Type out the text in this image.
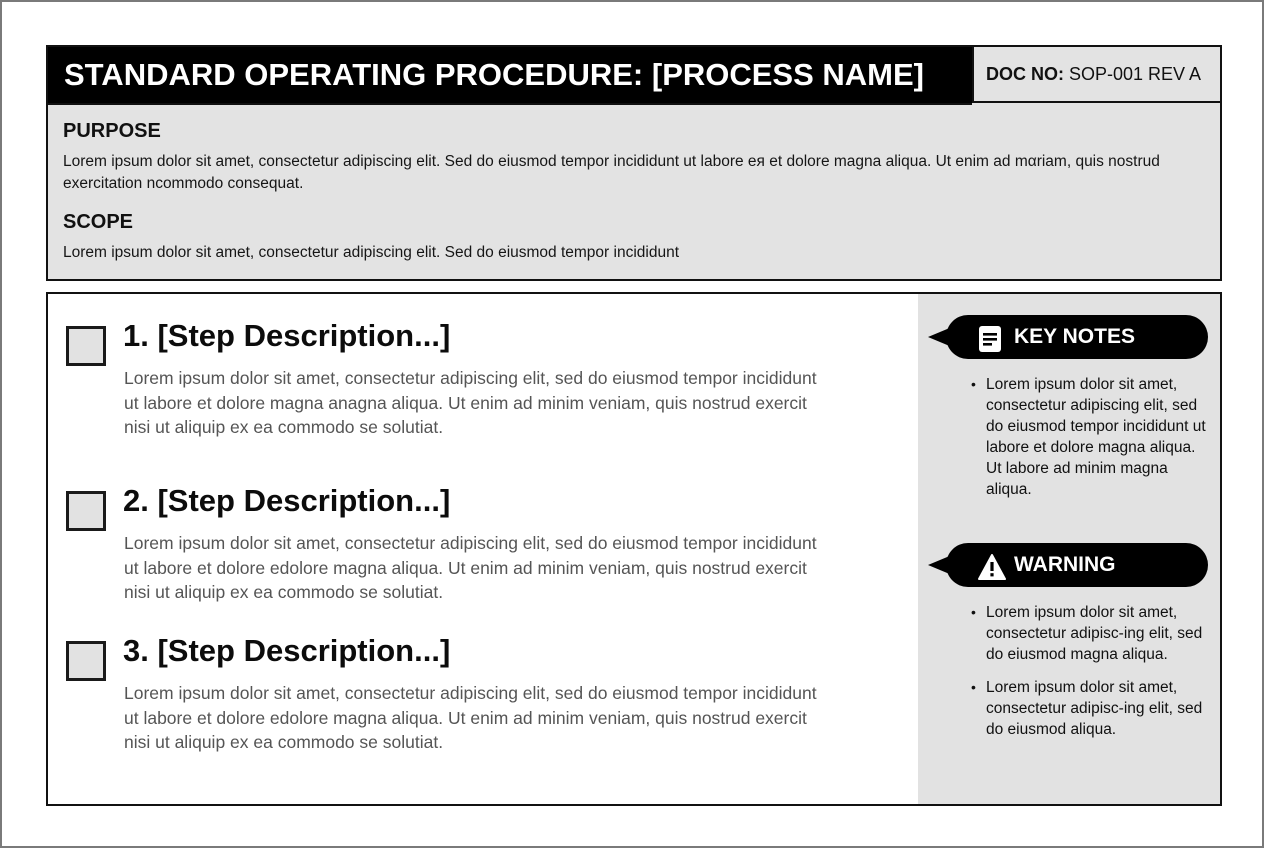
STANDARD OPERATING PROCEDURE: [PROCESS NAME]	DOC NO: SOP-001 REV A
PURPOSE
Lorem ipsum dolor sit amet, consectetur adipiscing elit. Sed do eiusmod tempor incididunt ut labore eᴙ et dolore magna aliqua. Ut enim ad mαriam, quis nostrud exercitation ncommodo consequat.
SCOPE
Lorem ipsum dolor sit amet, consectetur adipiscing elit. Sed do eiusmod tempor incididunt
1. [Step Description...]
Lorem ipsum dolor sit amet, consectetur adipiscing elit, sed do eiusmod tempor incididunt ut labore et dolore magna anagna aliqua. Ut enim ad minim veniam, quis nostrud exercit nisi ut aliquip ex ea commodo se solutiat.
2. [Step Description...]
Lorem ipsum dolor sit amet, consectetur adipiscing elit, sed do eiusmod tempor incididunt ut labore et dolore edolore magna aliqua. Ut enim ad minim veniam, quis nostrud exercit nisi ut aliquip ex ea commodo se solutiat.
3. [Step Description...]
Lorem ipsum dolor sit amet, consectetur adipiscing elit, sed do eiusmod tempor incididunt ut labore et dolore edolore magna aliqua. Ut enim ad minim veniam, quis nostrud exercit nisi ut aliquip ex ea commodo se solutiat.
KEY NOTES
• Lorem ipsum dolor sit amet, consectetur adipiscing elit, sed do eiusmod tempor incididunt ut labore et dolore magna aliqua. Ut labore ad minim magna aliqua.
WARNING
• Lorem ipsum dolor sit amet, consectetur adipisc-ing elit, sed do eiusmod magna aliqua.
• Lorem ipsum dolor sit amet, consectetur adipisc-ing elit, sed do eiusmod aliqua.
